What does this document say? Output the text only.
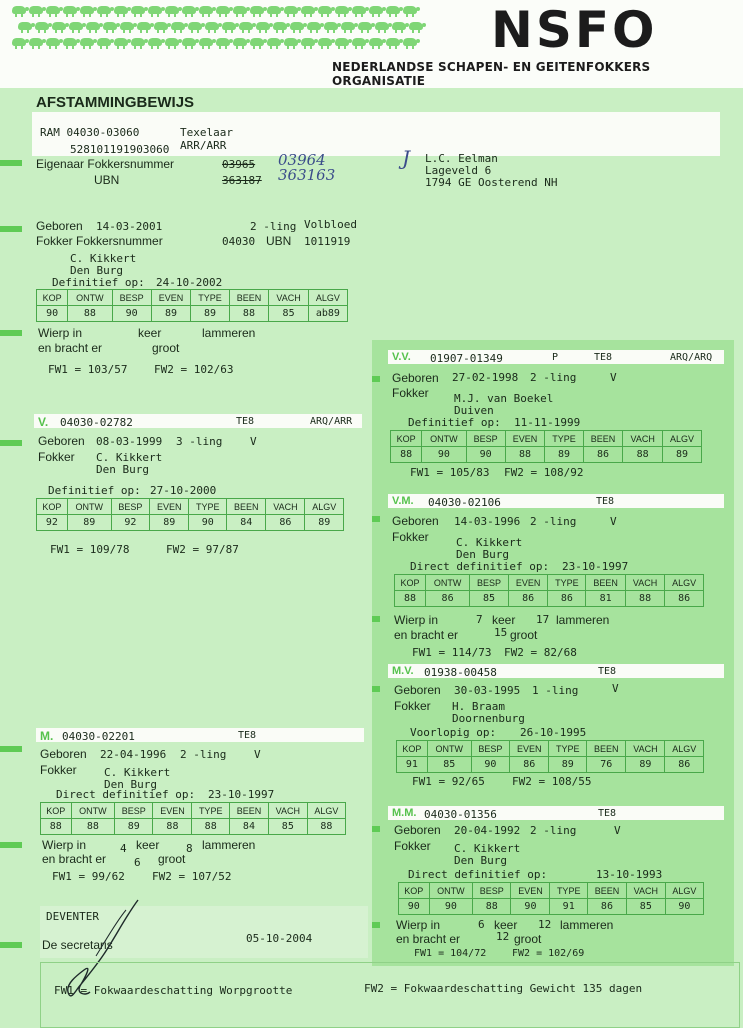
NSFO
NEDERLANDSE SCHAPEN- EN GEITENFOKKERS ORGANISATIE
AFSTAMMINGBEWIJS
RAM 04030-03060	Texelaar
ARR/ARR
528101191903060
Eigenaar Fokkersnummer	03965 03964
UBN	363187 363163
J L.C. Eelman
Lageveld 6
1794 GE Oosterend NH
Geboren 14-03-2001	2 -ling Volbloed
Fokker Fokkersnummer	04030 UBN 1011919
C. Kikkert
Den Burg
Definitief op: 24-10-2002
KOP	ONTW	BESP	EVEN	TYPE	BEEN	VACH	ALGV
90	88	90	89	89	88	85	ab89
Wierp in	keer	lammeren
en bracht er	groot
FW1 = 103/57 FW2 = 102/63
V. 04030-02782	TE8	ARQ/ARR
Geboren 08-03-1999 3 -ling	V
Fokker C. Kikkert
Den Burg
Definitief op: 27-10-2000
KOP	ONTW	BESP	EVEN	TYPE	BEEN	VACH	ALGV
92	89	92	89	90	84	86	89
FW1 = 109/78	FW2 = 97/87
M. 04030-02201	TE8
Geboren 22-04-1996 2 -ling	V
Fokker C. Kikkert
Den Burg
Direct definitief op: 23-10-1997
KOP	ONTW	BESP	EVEN	TYPE	BEEN	VACH	ALGV
88	88	89	88	88	84	85	88
Wierp in	4 keer 8 lammeren
en bracht er	6 groot
FW1 = 99/62 FW2 = 107/52
V.V. 01907-01349	P	TE8	ARQ/ARQ
Geboren 27-02-1998 2 -ling	V
Fokker M.J. van Boekel
Duiven
Definitief op: 11-11-1999
KOP	ONTW	BESP	EVEN	TYPE	BEEN	VACH	ALGV
88	90	90	88	89	86	88	89
FW1 = 105/83 FW2 = 108/92
V.M. 04030-02106	TE8
Geboren 14-03-1996 2 -ling	V
Fokker C. Kikkert
Den Burg
Direct definitief op: 23-10-1997
KOP	ONTW	BESP	EVEN	TYPE	BEEN	VACH	ALGV
88	86	85	86	86	81	88	86
Wierp in	7 keer 17 lammeren
en bracht er	15 groot
FW1 = 114/73 FW2 = 82/68
M.V. 01938-00458	TE8
Geboren 30-03-1995 1 -ling	V
Fokker H. Braam
Doornenburg
Voorlopig op: 26-10-1995
KOP	ONTW	BESP	EVEN	TYPE	BEEN	VACH	ALGV
91	85	90	86	89	76	89	86
FW1 = 92/65 FW2 = 108/55
M.M. 04030-01356	TE8
Geboren 20-04-1992 2 -ling	V
Fokker C. Kikkert
Den Burg
Direct definitief op:	13-10-1993
KOP	ONTW	BESP	EVEN	TYPE	BEEN	VACH	ALGV
90	90	88	90	91	86	85	90
Wierp in	6 keer 12 lammeren
en bracht er	12 groot
FW1 = 104/72	FW2 = 102/69
DEVENTER
De secretaris	05-10-2004
FW1 = Fokwaardeschatting Worpgrootte	FW2 = Fokwaardeschatting Gewicht 135 dagen
